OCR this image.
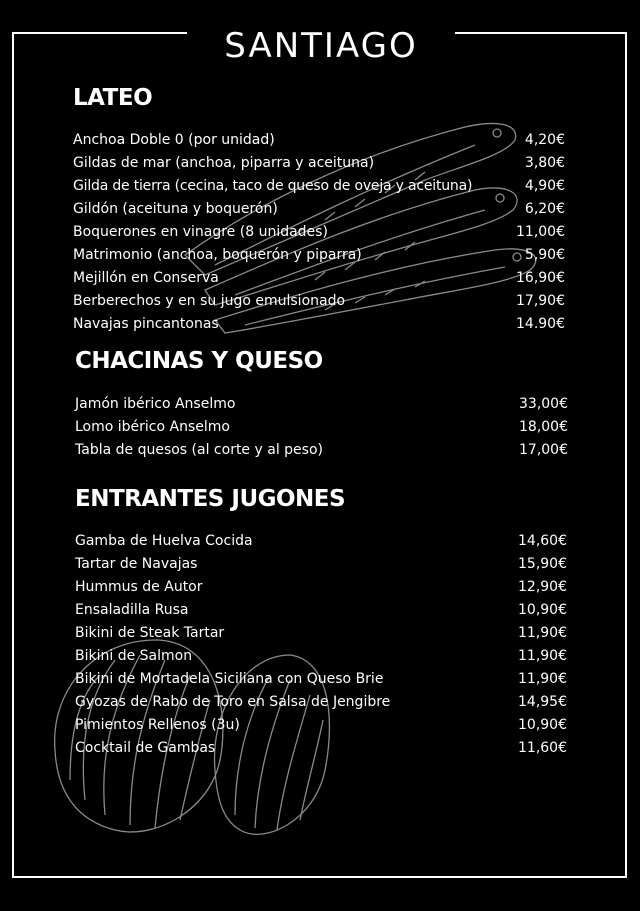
SANTIAGO
LATEO
Anchoa Doble 0 (por unidad)	4,20€
Gildas de mar (anchoa, piparra y aceituna)	3,80€
Gilda de tierra (cecina, taco de queso de oveja y aceituna)	4,90€
Gildón (aceituna y boquerón)	6,20€
Boquerones en vinagre (8 unidades)	11,00€
Matrimonio (anchoa, boquerón y piparra)	5,90€
Mejillón en Conserva	16,90€
Berberechos y en su jugo emulsionado	17,90€
Navajas pincantonas	14.90€
CHACINAS Y QUESO
Jamón ibérico Anselmo	33,00€
Lomo ibérico Anselmo	18,00€
Tabla de quesos (al corte y al peso)	17,00€
ENTRANTES JUGONES
Gamba de Huelva Cocida	14,60€
Tartar de Navajas	15,90€
Hummus de Autor	12,90€
Ensaladilla Rusa	10,90€
Bikini de Steak Tartar	11,90€
Bikini de Salmon	11,90€
Bikini de Mortadela Siciliana con Queso Brie	11,90€
Gyozas de Rabo de Toro en Salsa de Jengibre	14,95€
Pimientos Rellenos (3u)	10,90€
Cocktail de Gambas	11,60€
